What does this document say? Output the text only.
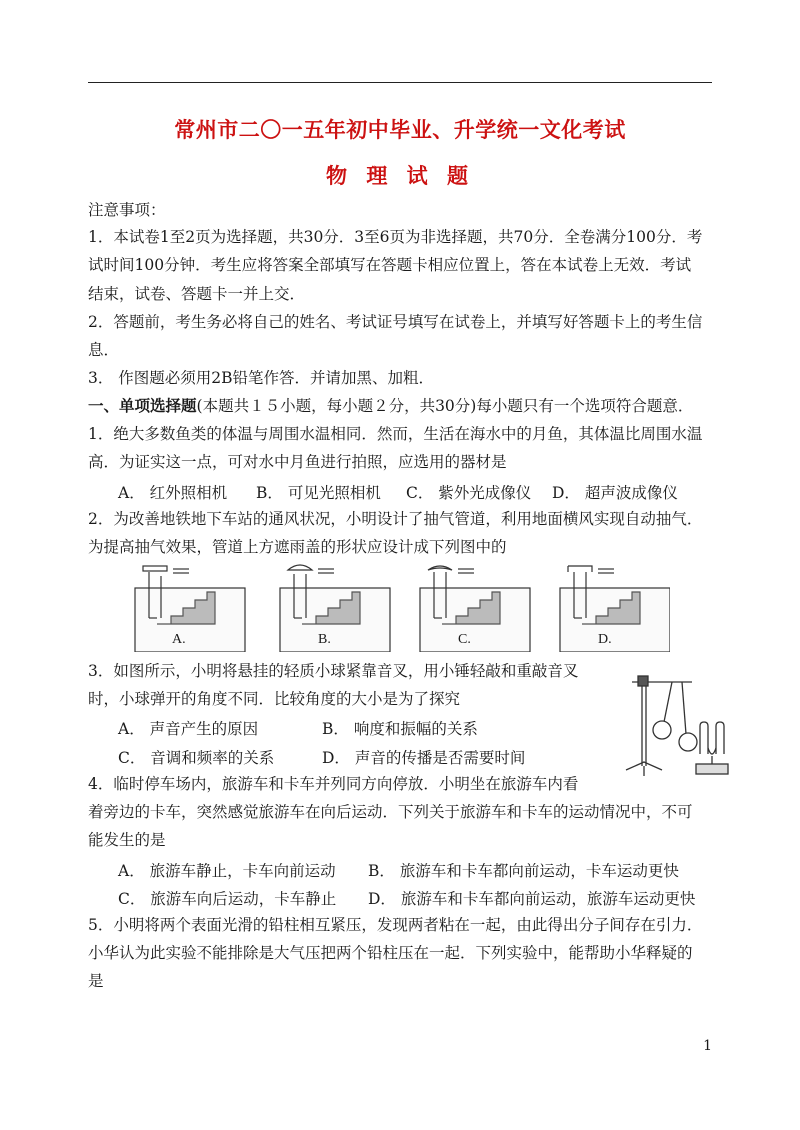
常州市二〇一五年初中毕业、升学统一文化考试
物 理 试 题
注意事项：
1．本试卷1至2页为选择题，共30分．3至6页为非选择题，共70分．全卷满分100分．考
试时间100分钟．考生应将答案全部填写在答题卡相应位置上，答在本试卷上无效．考试
结束，试卷、答题卡一并上交．
2．答题前，考生务必将自己的姓名、考试证号填写在试卷上，并填写好答题卡上的考生信
息．
3． 作图题必须用2B铅笔作答．并请加黑、加粗．
一、单项选择题(本题共１５小题，每小题２分，共30分)每小题只有一个选项符合题意．
1．绝大多数鱼类的体温与周围水温相同．然而，生活在海水中的月鱼，其体温比周围水温
高．为证实这一点，可对水中月鱼进行拍照，应选用的器材是
A． 红外照相机 B． 可见光照相机 C． 紫外光成像仪 D． 超声波成像仪
2．为改善地铁地下车站的通风状况，小明设计了抽气管道，利用地面横风实现自动抽气．
为提高抽气效果，管道上方遮雨盖的形状应设计成下列图中的
A.	B.	C.	D.
3．如图所示，小明将悬挂的轻质小球紧靠音叉，用小锤轻敲和重敲音叉
时，小球弹开的角度不同．比较角度的大小是为了探究
A． 声音产生的原因	B． 响度和振幅的关系
C． 音调和频率的关系	D． 声音的传播是否需要时间
4．临时停车场内，旅游车和卡车并列同方向停放．小明坐在旅游车内看
着旁边的卡车，突然感觉旅游车在向后运动．下列关于旅游车和卡车的运动情况中，不可
能发生的是
A． 旅游车静止，卡车向前运动 B． 旅游车和卡车都向前运动，卡车运动更快
C． 旅游车向后运动，卡车静止 D． 旅游车和卡车都向前运动，旅游车运动更快
5．小明将两个表面光滑的铅柱相互紧压，发现两者粘在一起，由此得出分子间存在引力．
小华认为此实验不能排除是大气压把两个铅柱压在一起．下列实验中，能帮助小华释疑的
是
1
